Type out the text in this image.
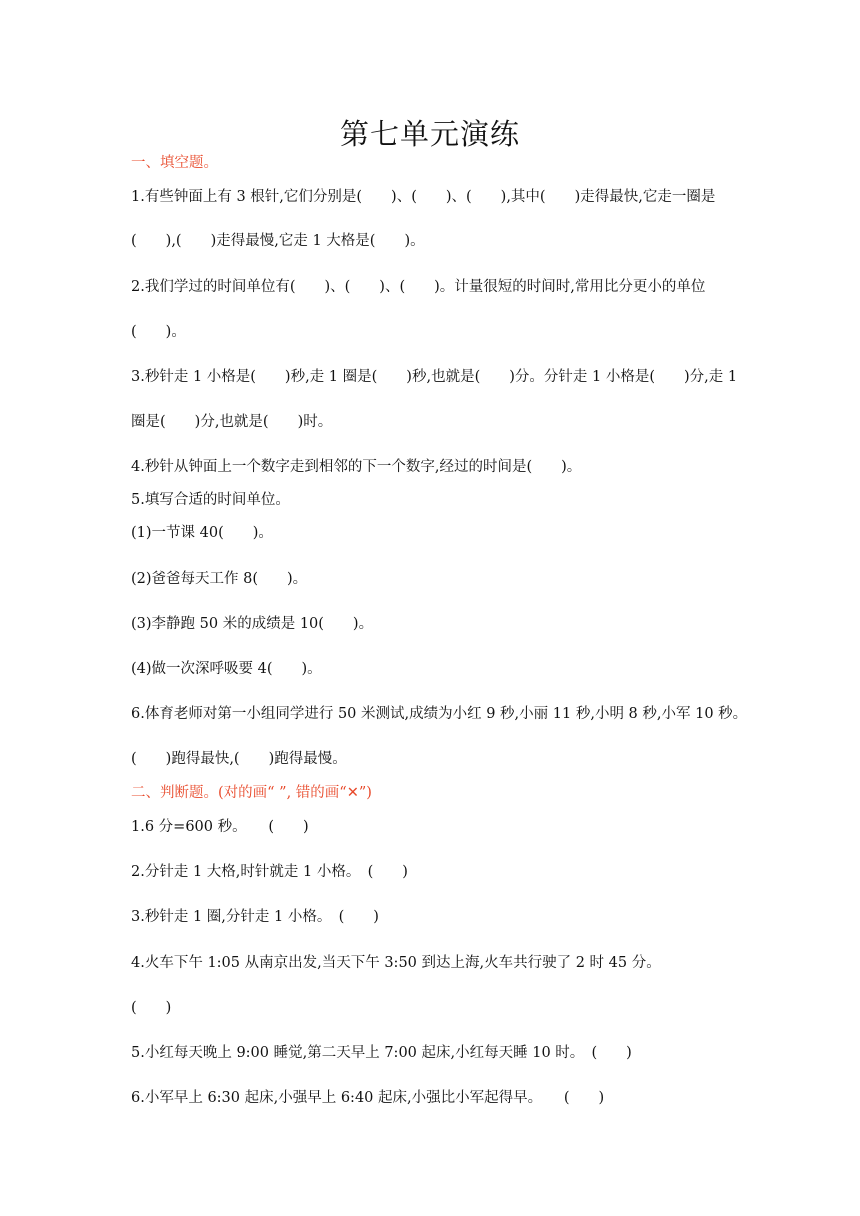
第七单元演练
一、填空题。
1.有些钟面上有 3 根针,它们分别是(　　)、(　　)、(　　),其中(　　)走得最快,它走一圈是
(　　),(　　)走得最慢,它走 1 大格是(　　)。
2.我们学过的时间单位有(　　)、(　　)、(　　)。计量很短的时间时,常用比分更小的单位
(　　)。
3.秒针走 1 小格是(　　)秒,走 1 圈是(　　)秒,也就是(　　)分。分针走 1 小格是(　　)分,走 1
圈是(　　)分,也就是(　　)时。
4.秒针从钟面上一个数字走到相邻的下一个数字,经过的时间是(　　)。
5.填写合适的时间单位。
(1)一节课 40(　　)。
(2)爸爸每天工作 8(　　)。
(3)李静跑 50 米的成绩是 10(　　)。
(4)做一次深呼吸要 4(　　)。
6.体育老师对第一小组同学进行 50 米测试,成绩为小红 9 秒,小丽 11 秒,小明 8 秒,小军 10 秒。
(　　)跑得最快,(　　)跑得最慢。
二、判断题。(对的画“ ”, 错的画“✕”)
1.6 分=600 秒。　　(　　)
2.分针走 1 大格,时针就走 1 小格。　(　　)
3.秒针走 1 圈,分针走 1 小格。　(　　)
4.火车下午 1:05 从南京出发,当天下午 3:50 到达上海,火车共行驶了 2 时 45 分。
(　　)
5.小红每天晚上 9:00 睡觉,第二天早上 7:00 起床,小红每天睡 10 时。　(　　)
6.小军早上 6:30 起床,小强早上 6:40 起床,小强比小军起得早。　　(　　)
